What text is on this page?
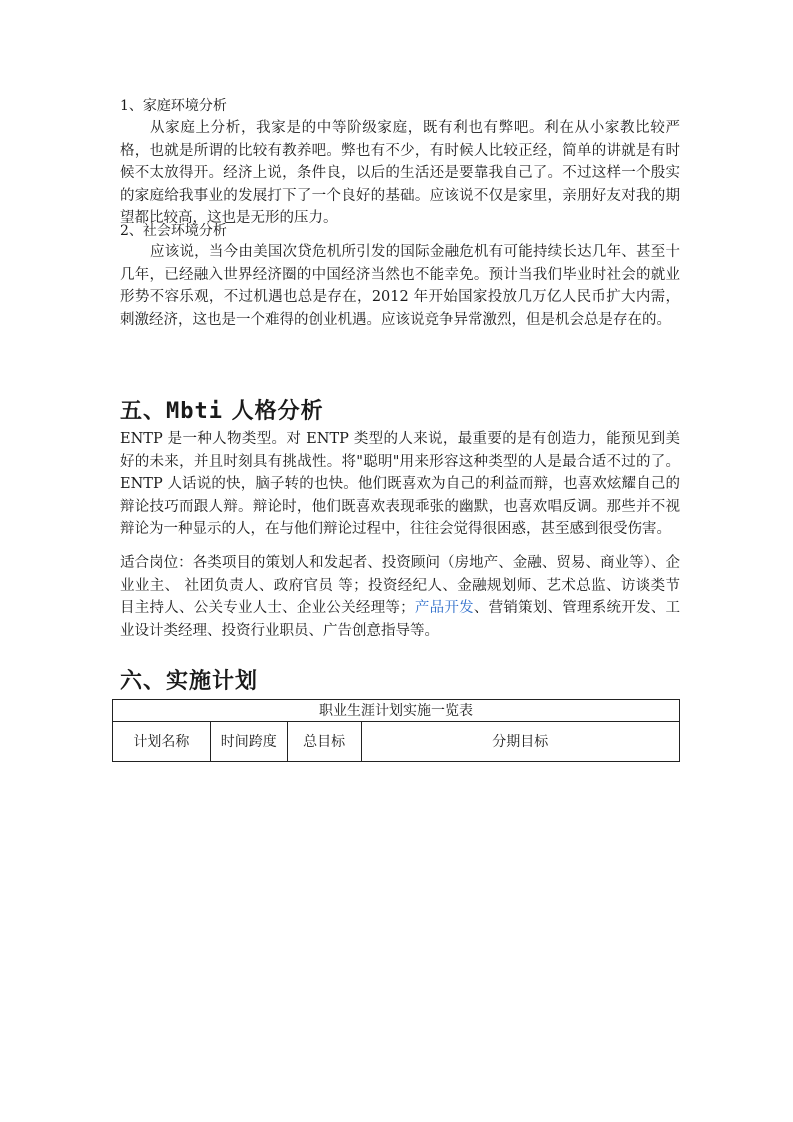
1、家庭环境分析
从家庭上分析，我家是的中等阶级家庭，既有利也有弊吧。利在从小家教比较严格，也就是所谓的比较有教养吧。弊也有不少，有时候人比较正经，简单的讲就是有时候不太放得开。经济上说，条件良，以后的生活还是要靠我自己了。不过这样一个殷实的家庭给我事业的发展打下了一个良好的基础。应该说不仅是家里，亲朋好友对我的期望都比较高，这也是无形的压力。
2、社会环境分析
应该说，当今由美国次贷危机所引发的国际金融危机有可能持续长达几年、甚至十几年，已经融入世界经济圈的中国经济当然也不能幸免。预计当我们毕业时社会的就业形势不容乐观，不过机遇也总是存在，2012 年开始国家投放几万亿人民币扩大内需，刺激经济，这也是一个难得的创业机遇。应该说竞争异常激烈，但是机会总是存在的。
五、Mbti 人格分析
ENTP 是一种人物类型。对 ENTP 类型的人来说，最重要的是有创造力，能预见到美好的未来，并且时刻具有挑战性。将"聪明"用来形容这种类型的人是最合适不过的了。 ENTP 人话说的快，脑子转的也快。他们既喜欢为自己的利益而辩，也喜欢炫耀自己的辩论技巧而跟人辩。辩论时，他们既喜欢表现乖张的幽默，也喜欢唱反调。那些并不视辩论为一种显示的人，在与他们辩论过程中，往往会觉得很困惑，甚至感到很受伤害。
适合岗位：各类项目的策划人和发起者、投资顾问（房地产、金融、贸易、商业等）、企业业主、 社团负责人、政府官员 等；投资经纪人、金融规划师、艺术总监、访谈类节目主持人、公关专业人士、企业公关经理等；产品开发、营销策划、管理系统开发、工业设计类经理、投资行业职员、广告创意指导等。
六、实施计划
职业生涯计划实施一览表
计划名称	时间跨度	总目标	分期目标
